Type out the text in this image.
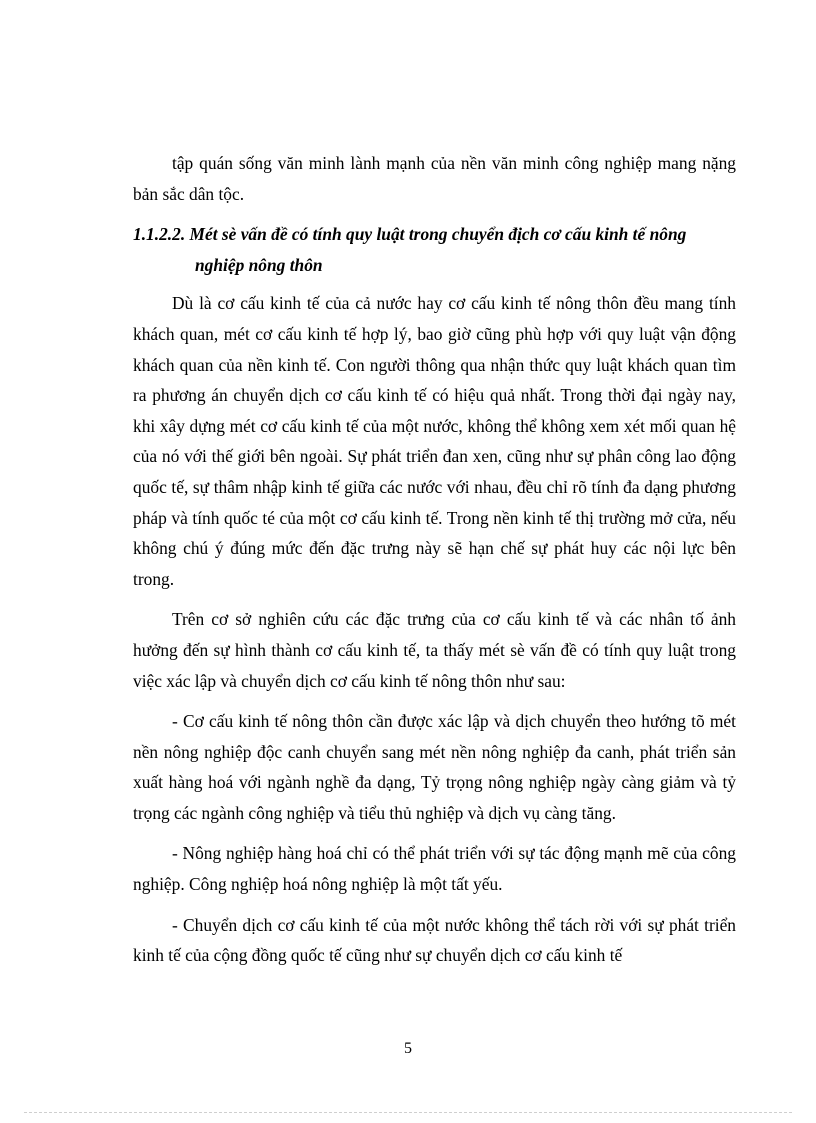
tập quán sống văn minh lành mạnh của nền văn minh công nghiệp mang nặng bản sắc dân tộc.

1.1.2.2. Mét sè vấn đề có tính quy luật trong chuyển địch cơ cấu kinh tế nông
nghiệp nông thôn

Dù là cơ cấu kinh tế của cả nước hay cơ cấu kinh tế nông thôn đều mang tính khách quan, mét cơ cấu kinh tế hợp lý, bao giờ cũng phù hợp với quy luật vận động khách quan của nền kinh tế. Con người thông qua nhận thức quy luật khách quan tìm ra phương án chuyển dịch cơ cấu kinh tế có hiệu quả nhất. Trong thời đại ngày nay, khi xây dựng mét cơ cấu kinh tế của một nước, không thể không xem xét mối quan hệ của nó với thế giới bên ngoài. Sự phát triển đan xen, cũng như sự phân công lao động quốc tế, sự thâm nhập kinh tế giữa các nước với nhau, đều chỉ rõ tính đa dạng phương pháp và tính quốc té của một cơ cấu kinh tế. Trong nền kinh tế thị trường mở cửa, nếu không chú ý đúng mức đến đặc trưng này sẽ hạn chế sự phát huy các nội lực bên trong.

Trên cơ sở nghiên cứu các đặc trưng của cơ cấu kinh tế và các nhân tố ảnh hưởng đến sự hình thành cơ cấu kinh tế, ta thấy mét sè vấn đề có tính quy luật trong việc xác lập và chuyển dịch cơ cấu kinh tế nông thôn như sau:

- Cơ cấu kinh tế nông thôn cần được xác lập và dịch chuyển theo hướng tõ mét nền nông nghiệp độc canh chuyển sang mét nền nông nghiệp đa canh, phát triển sản xuất hàng hoá với ngành nghề đa dạng, Tỷ trọng nông nghiệp ngày càng giảm và tỷ trọng các ngành công nghiệp và tiểu thủ nghiệp và dịch vụ càng tăng.

- Nông nghiệp hàng hoá chỉ có thể phát triển với sự tác động mạnh mẽ của công nghiệp. Công nghiệp hoá nông nghiệp là một tất yếu.

- Chuyển dịch cơ cấu kinh tế của một nước không thể tách rời với sự phát triển kinh tế của cộng đồng quốc tế cũng như sự chuyển dịch cơ cấu kinh tế

5
